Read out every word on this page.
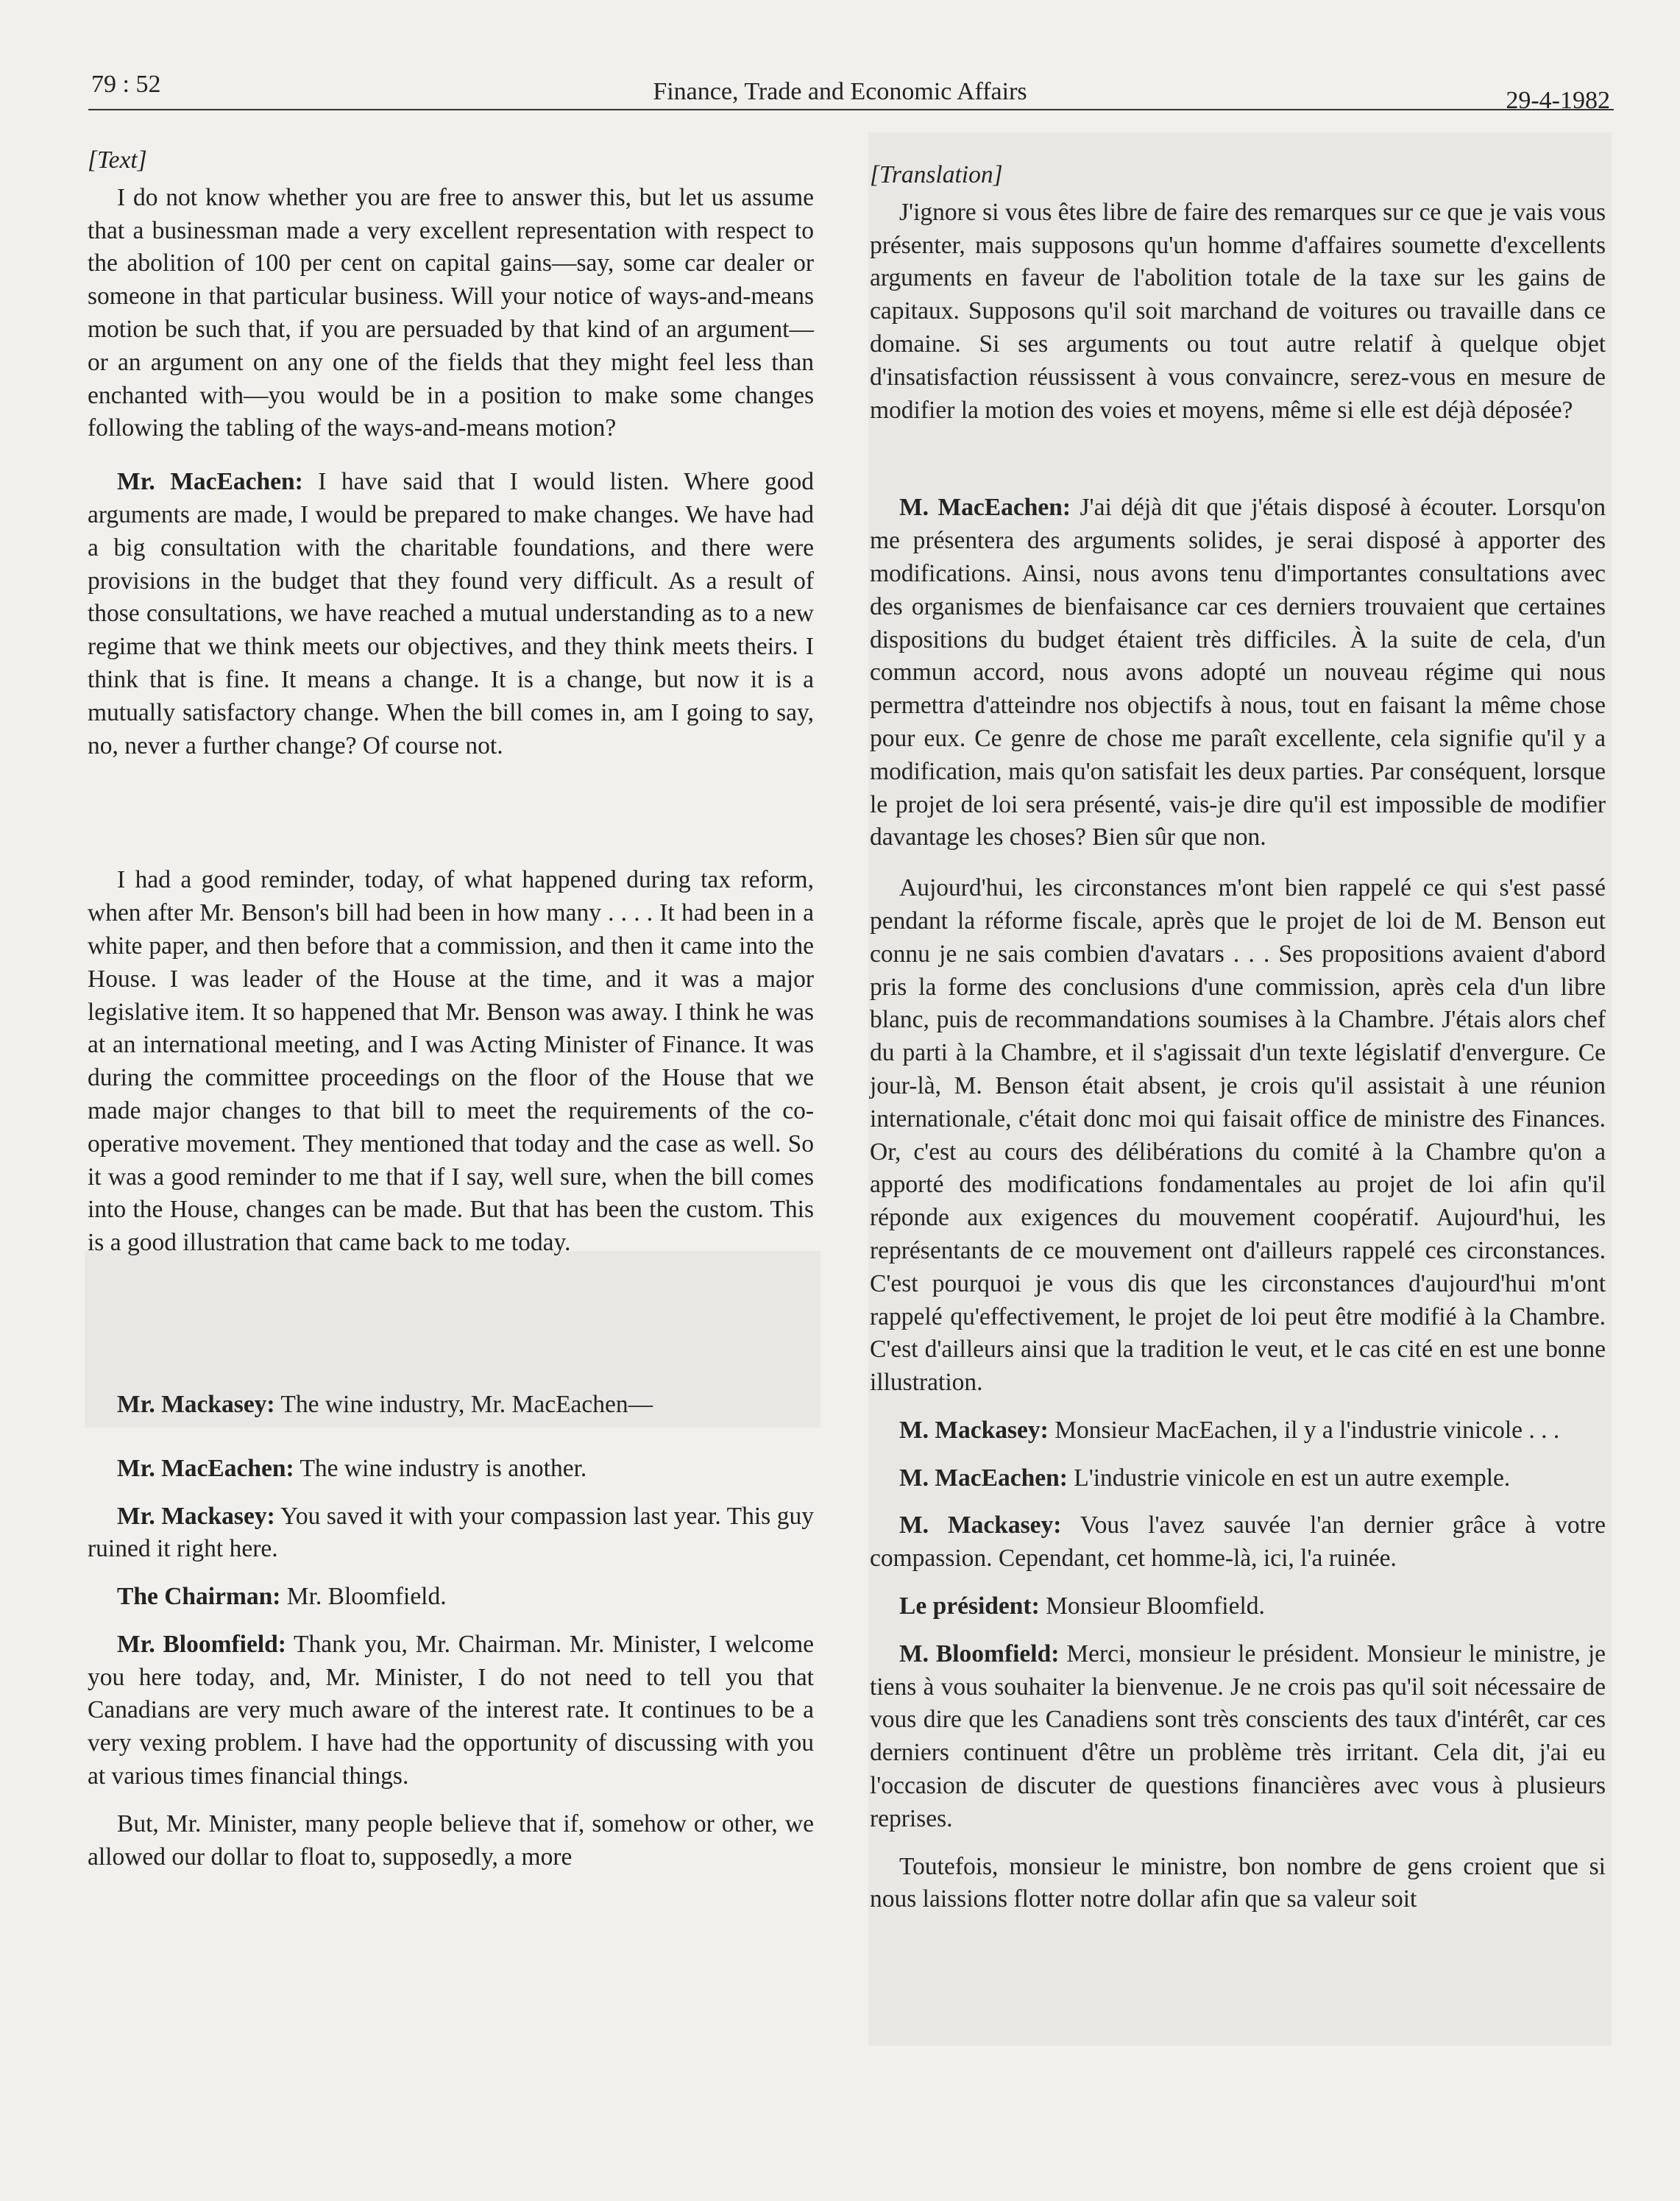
79 : 52	Finance, Trade and Economic Affairs	29-4-1982

[Text]

I do not know whether you are free to answer this, but let us assume that a businessman made a very excellent representation with respect to the abolition of 100 per cent on capital gains—say, some car dealer or someone in that particular business. Will your notice of ways-and-means motion be such that, if you are persuaded by that kind of an argument—or an argument on any one of the fields that they might feel less than enchanted with—you would be in a position to make some changes following the tabling of the ways-and-means motion?

Mr. MacEachen: I have said that I would listen. Where good arguments are made, I would be prepared to make changes. We have had a big consultation with the charitable foundations, and there were provisions in the budget that they found very difficult. As a result of those consultations, we have reached a mutual understanding as to a new regime that we think meets our objectives, and they think meets theirs. I think that is fine. It means a change. It is a change, but now it is a mutually satisfactory change. When the bill comes in, am I going to say, no, never a further change? Of course not.

I had a good reminder, today, of what happened during tax reform, when after Mr. Benson's bill had been in how many . . . . It had been in a white paper, and then before that a commission, and then it came into the House. I was leader of the House at the time, and it was a major legislative item. It so happened that Mr. Benson was away. I think he was at an international meeting, and I was Acting Minister of Finance. It was during the committee proceedings on the floor of the House that we made major changes to that bill to meet the requirements of the co-operative movement. They mentioned that today and the case as well. So it was a good reminder to me that if I say, well sure, when the bill comes into the House, changes can be made. But that has been the custom. This is a good illustration that came back to me today.

Mr. Mackasey: The wine industry, Mr. MacEachen—

Mr. MacEachen: The wine industry is another.

Mr. Mackasey: You saved it with your compassion last year. This guy ruined it right here.

The Chairman: Mr. Bloomfield.

Mr. Bloomfield: Thank you, Mr. Chairman. Mr. Minister, I welcome you here today, and, Mr. Minister, I do not need to tell you that Canadians are very much aware of the interest rate. It continues to be a very vexing problem. I have had the opportunity of discussing with you at various times financial things.

But, Mr. Minister, many people believe that if, somehow or other, we allowed our dollar to float to, supposedly, a more

[Translation]

J'ignore si vous êtes libre de faire des remarques sur ce que je vais vous présenter, mais supposons qu'un homme d'affaires soumette d'excellents arguments en faveur de l'abolition totale de la taxe sur les gains de capitaux. Supposons qu'il soit marchand de voitures ou travaille dans ce domaine. Si ses arguments ou tout autre relatif à quelque objet d'insatisfaction réussissent à vous convaincre, serez-vous en mesure de modifier la motion des voies et moyens, même si elle est déjà déposée?

M. MacEachen: J'ai déjà dit que j'étais disposé à écouter. Lorsqu'on me présentera des arguments solides, je serai disposé à apporter des modifications. Ainsi, nous avons tenu d'importantes consultations avec des organismes de bienfaisance car ces derniers trouvaient que certaines dispositions du budget étaient très difficiles. À la suite de cela, d'un commun accord, nous avons adopté un nouveau régime qui nous permettra d'atteindre nos objectifs à nous, tout en faisant la même chose pour eux. Ce genre de chose me paraît excellente, cela signifie qu'il y a modification, mais qu'on satisfait les deux parties. Par conséquent, lorsque le projet de loi sera présenté, vais-je dire qu'il est impossible de modifier davantage les choses? Bien sûr que non.

Aujourd'hui, les circonstances m'ont bien rappelé ce qui s'est passé pendant la réforme fiscale, après que le projet de loi de M. Benson eut connu je ne sais combien d'avatars . . . Ses propositions avaient d'abord pris la forme des conclusions d'une commission, après cela d'un libre blanc, puis de recommandations soumises à la Chambre. J'étais alors chef du parti à la Chambre, et il s'agissait d'un texte législatif d'envergure. Ce jour-là, M. Benson était absent, je crois qu'il assistait à une réunion internationale, c'était donc moi qui faisait office de ministre des Finances. Or, c'est au cours des délibérations du comité à la Chambre qu'on a apporté des modifications fondamentales au projet de loi afin qu'il réponde aux exigences du mouvement coopératif. Aujourd'hui, les représentants de ce mouvement ont d'ailleurs rappelé ces circonstances. C'est pourquoi je vous dis que les circonstances d'aujourd'hui m'ont rappelé qu'effectivement, le projet de loi peut être modifié à la Chambre. C'est d'ailleurs ainsi que la tradition le veut, et le cas cité en est une bonne illustration.

M. Mackasey: Monsieur MacEachen, il y a l'industrie vinicole . . .

M. MacEachen: L'industrie vinicole en est un autre exemple.

M. Mackasey: Vous l'avez sauvée l'an dernier grâce à votre compassion. Cependant, cet homme-là, ici, l'a ruinée.

Le président: Monsieur Bloomfield.

M. Bloomfield: Merci, monsieur le président. Monsieur le ministre, je tiens à vous souhaiter la bienvenue. Je ne crois pas qu'il soit nécessaire de vous dire que les Canadiens sont très conscients des taux d'intérêt, car ces derniers continuent d'être un problème très irritant. Cela dit, j'ai eu l'occasion de discuter de questions financières avec vous à plusieurs reprises.

Toutefois, monsieur le ministre, bon nombre de gens croient que si nous laissions flotter notre dollar afin que sa valeur soit
